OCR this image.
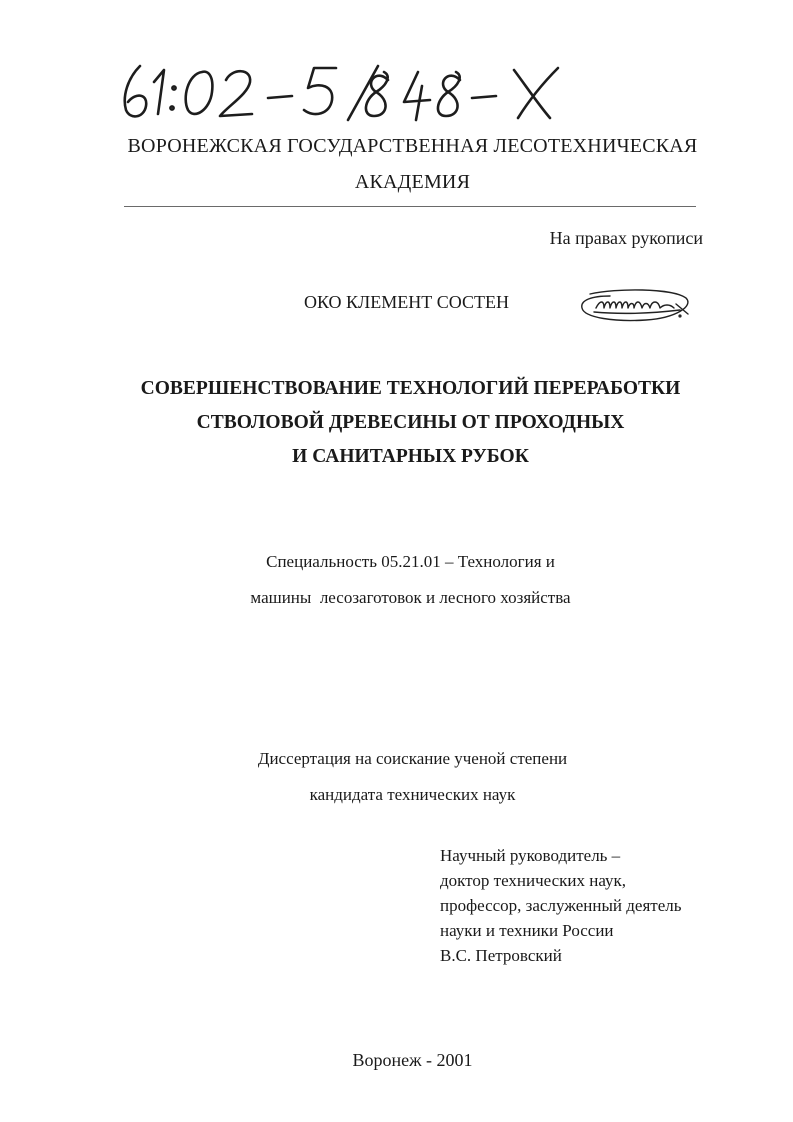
ВОРОНЕЖСКАЯ ГОСУДАРСТВЕННАЯ ЛЕСОТЕХНИЧЕСКАЯ
АКАДЕМИЯ
На правах рукописи
ОКО КЛЕМЕНТ СОСТЕН
СОВЕРШЕНСТВОВАНИЕ ТЕХНОЛОГИЙ ПЕРЕРАБОТКИ
СТВОЛОВОЙ ДРЕВЕСИНЫ ОТ ПРОХОДНЫХ
И САНИТАРНЫХ РУБОК
Специальность 05.21.01 – Технология и
машины  лесозаготовок и лесного хозяйства
Диссертация на соискание ученой степени
кандидата технических наук
Научный руководитель –
доктор технических наук,
профессор, заслуженный деятель
науки и техники России
В.С. Петровский
Воронеж - 2001
